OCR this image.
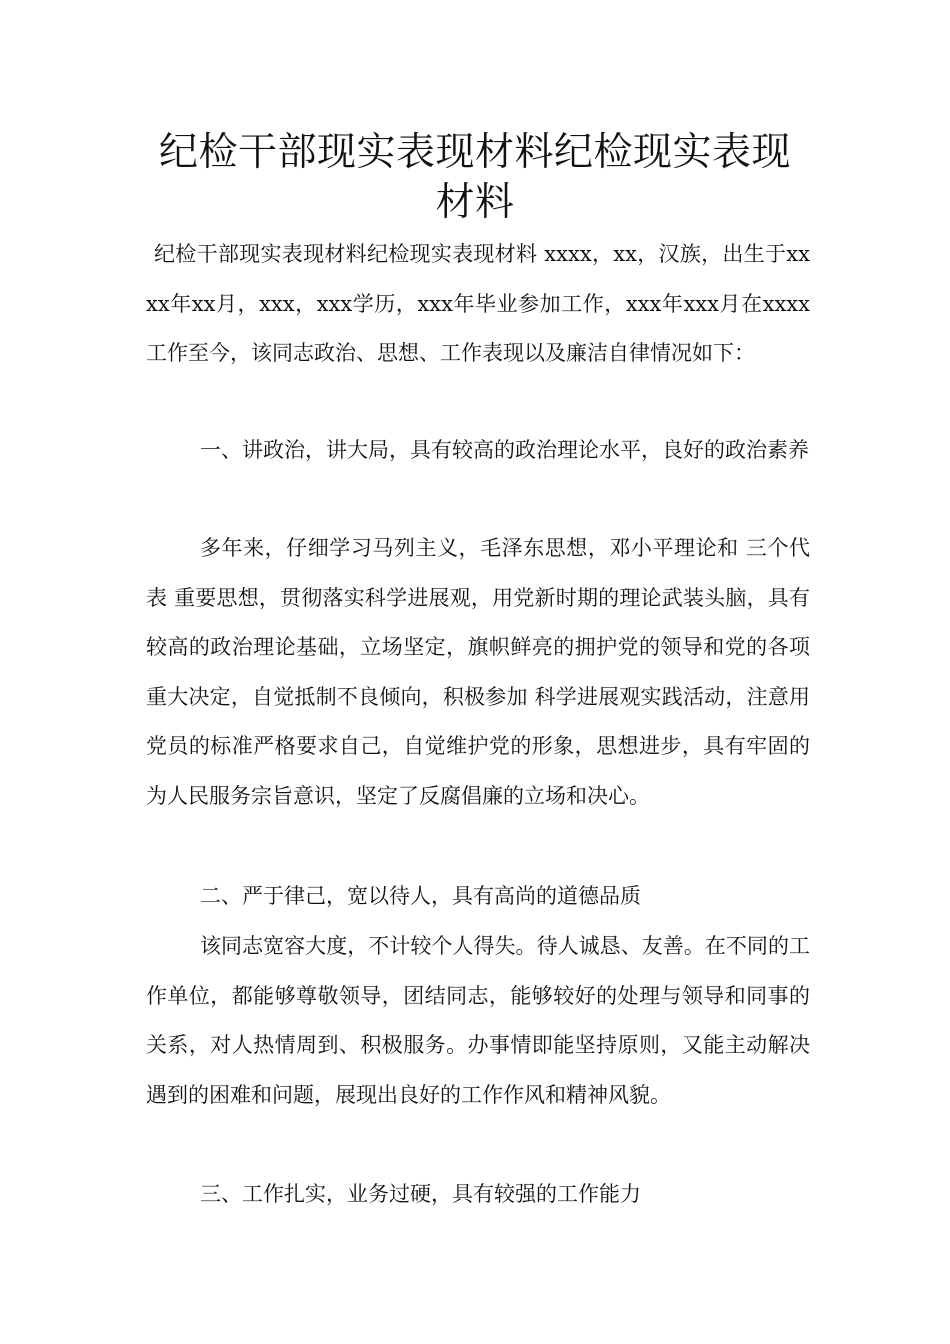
纪检干部现实表现材料纪检现实表现材料

纪检干部现实表现材料纪检现实表现材料 xxxx，xx，汉族，出生于xxxx年xx月，xxx，xxx学历，xxx年毕业参加工作，xxx年xxx月在xxxx工作至今，该同志政治、思想、工作表现以及廉洁自律情况如下：

一、讲政治，讲大局，具有较高的政治理论水平，良好的政治素养

多年来，仔细学习马列主义，毛泽东思想，邓小平理论和 三个代表 重要思想，贯彻落实科学进展观，用党新时期的理论武装头脑，具有较高的政治理论基础，立场坚定，旗帜鲜亮的拥护党的领导和党的各项重大决定，自觉抵制不良倾向，积极参加 科学进展观实践活动，注意用党员的标准严格要求自己，自觉维护党的形象，思想进步，具有牢固的为人民服务宗旨意识，坚定了反腐倡廉的立场和决心。

二、严于律己，宽以待人，具有高尚的道德品质

该同志宽容大度，不计较个人得失。待人诚恳、友善。在不同的工作单位，都能够尊敬领导，团结同志，能够较好的处理与领导和同事的关系，对人热情周到、积极服务。办事情即能坚持原则，又能主动解决遇到的困难和问题，展现出良好的工作作风和精神风貌。

三、工作扎实，业务过硬，具有较强的工作能力
